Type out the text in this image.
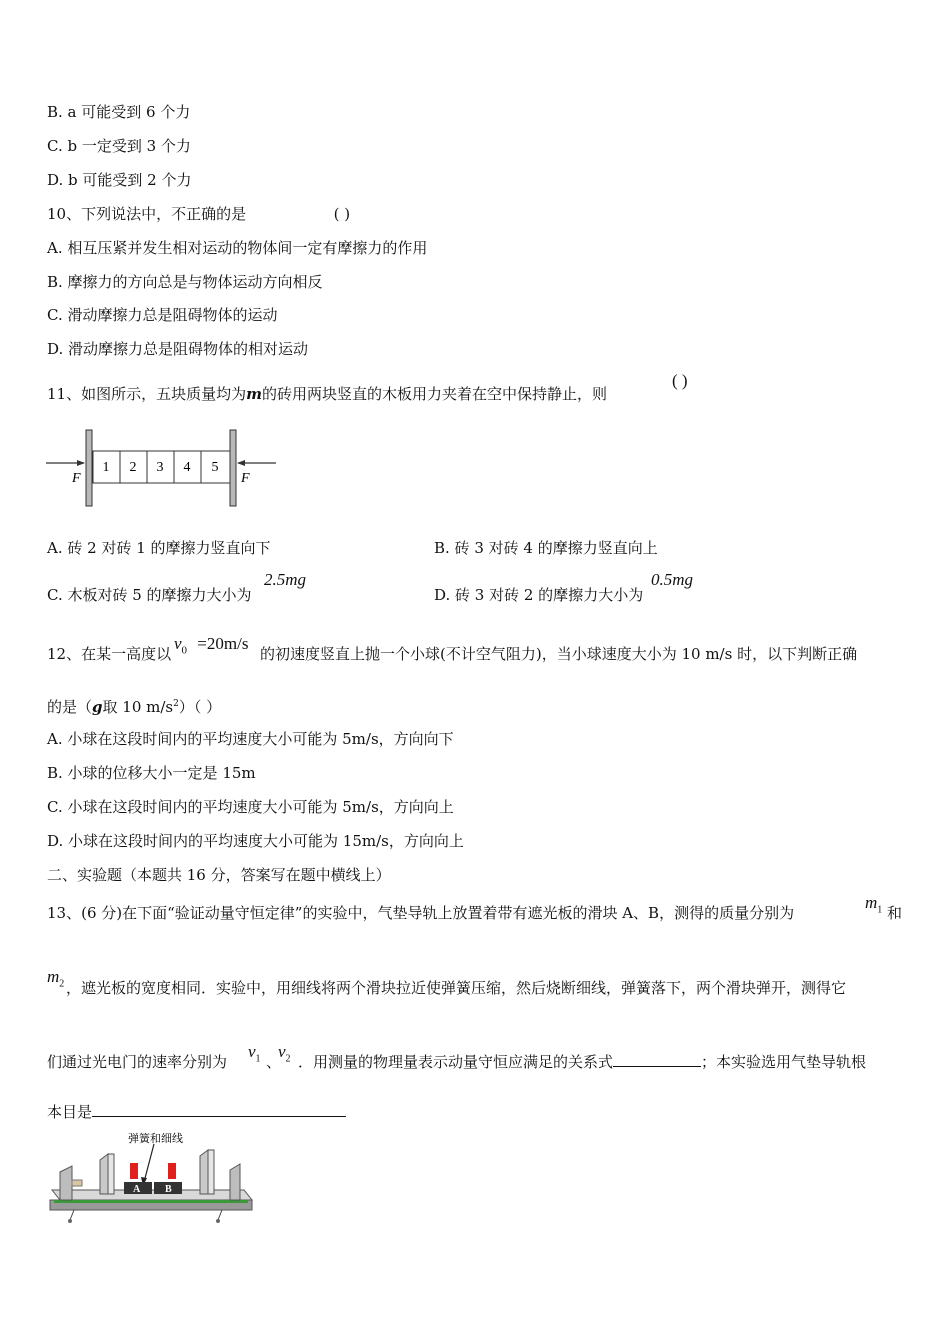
B. a 可能受到 6 个力
C. b 一定受到 3 个力
D. b 可能受到 2 个力
10、下列说法中，不正确的是	( )
A. 相互压紧并发生相对运动的物体间一定有摩擦力的作用
B. 摩擦力的方向总是与物体运动方向相反
C. 滑动摩擦力总是阻碍物体的运动
D. 滑动摩擦力总是阻碍物体的相对运动
11、如图所示，五块质量均为m的砖用两块竖直的木板用力夹着在空中保持静止，则
( )
1 2 3 4 5
F	F
A. 砖 2 对砖 1 的摩擦力竖直向下	B. 砖 3 对砖 4 的摩擦力竖直向上
C. 木板对砖 5 的摩擦力大小为
2.5mg
D. 砖 3 对砖 2 的摩擦力大小为
0.5mg
12、在某一高度以
$v_0 =20m/s$
的初速度竖直上抛一个小球(不计空气阻力)，当小球速度大小为 10 m/s 时，以下判断正确
的是（g取 10 $m/s^2$）（ ）
A. 小球在这段时间内的平均速度大小可能为 5m/s，方向向下
B. 小球的位移大小一定是 15m
C. 小球在这段时间内的平均速度大小可能为 5m/s，方向向上
D. 小球在这段时间内的平均速度大小可能为 15m/s，方向向上
二、实验题（本题共 16 分，答案写在题中横线上）
13、(6 分)在下面“验证动量守恒定律”的实验中，气垫导轨上放置着带有遮光板的滑块 A、B，测得的质量分别为
$m_1$ 和
$m_2$ ，遮光板的宽度相同．实验中，用细线将两个滑块拉近使弹簧压缩，然后烧断细线，弹簧落下，两个滑块弹开，测得它
们通过光电门的速率分别为
$v_1$ 、
$v_2$ ．用测量的物理量表示动量守恒应满足的关系式	；本实验选用气垫导轨根
本目是
弹簧和细线
A B
